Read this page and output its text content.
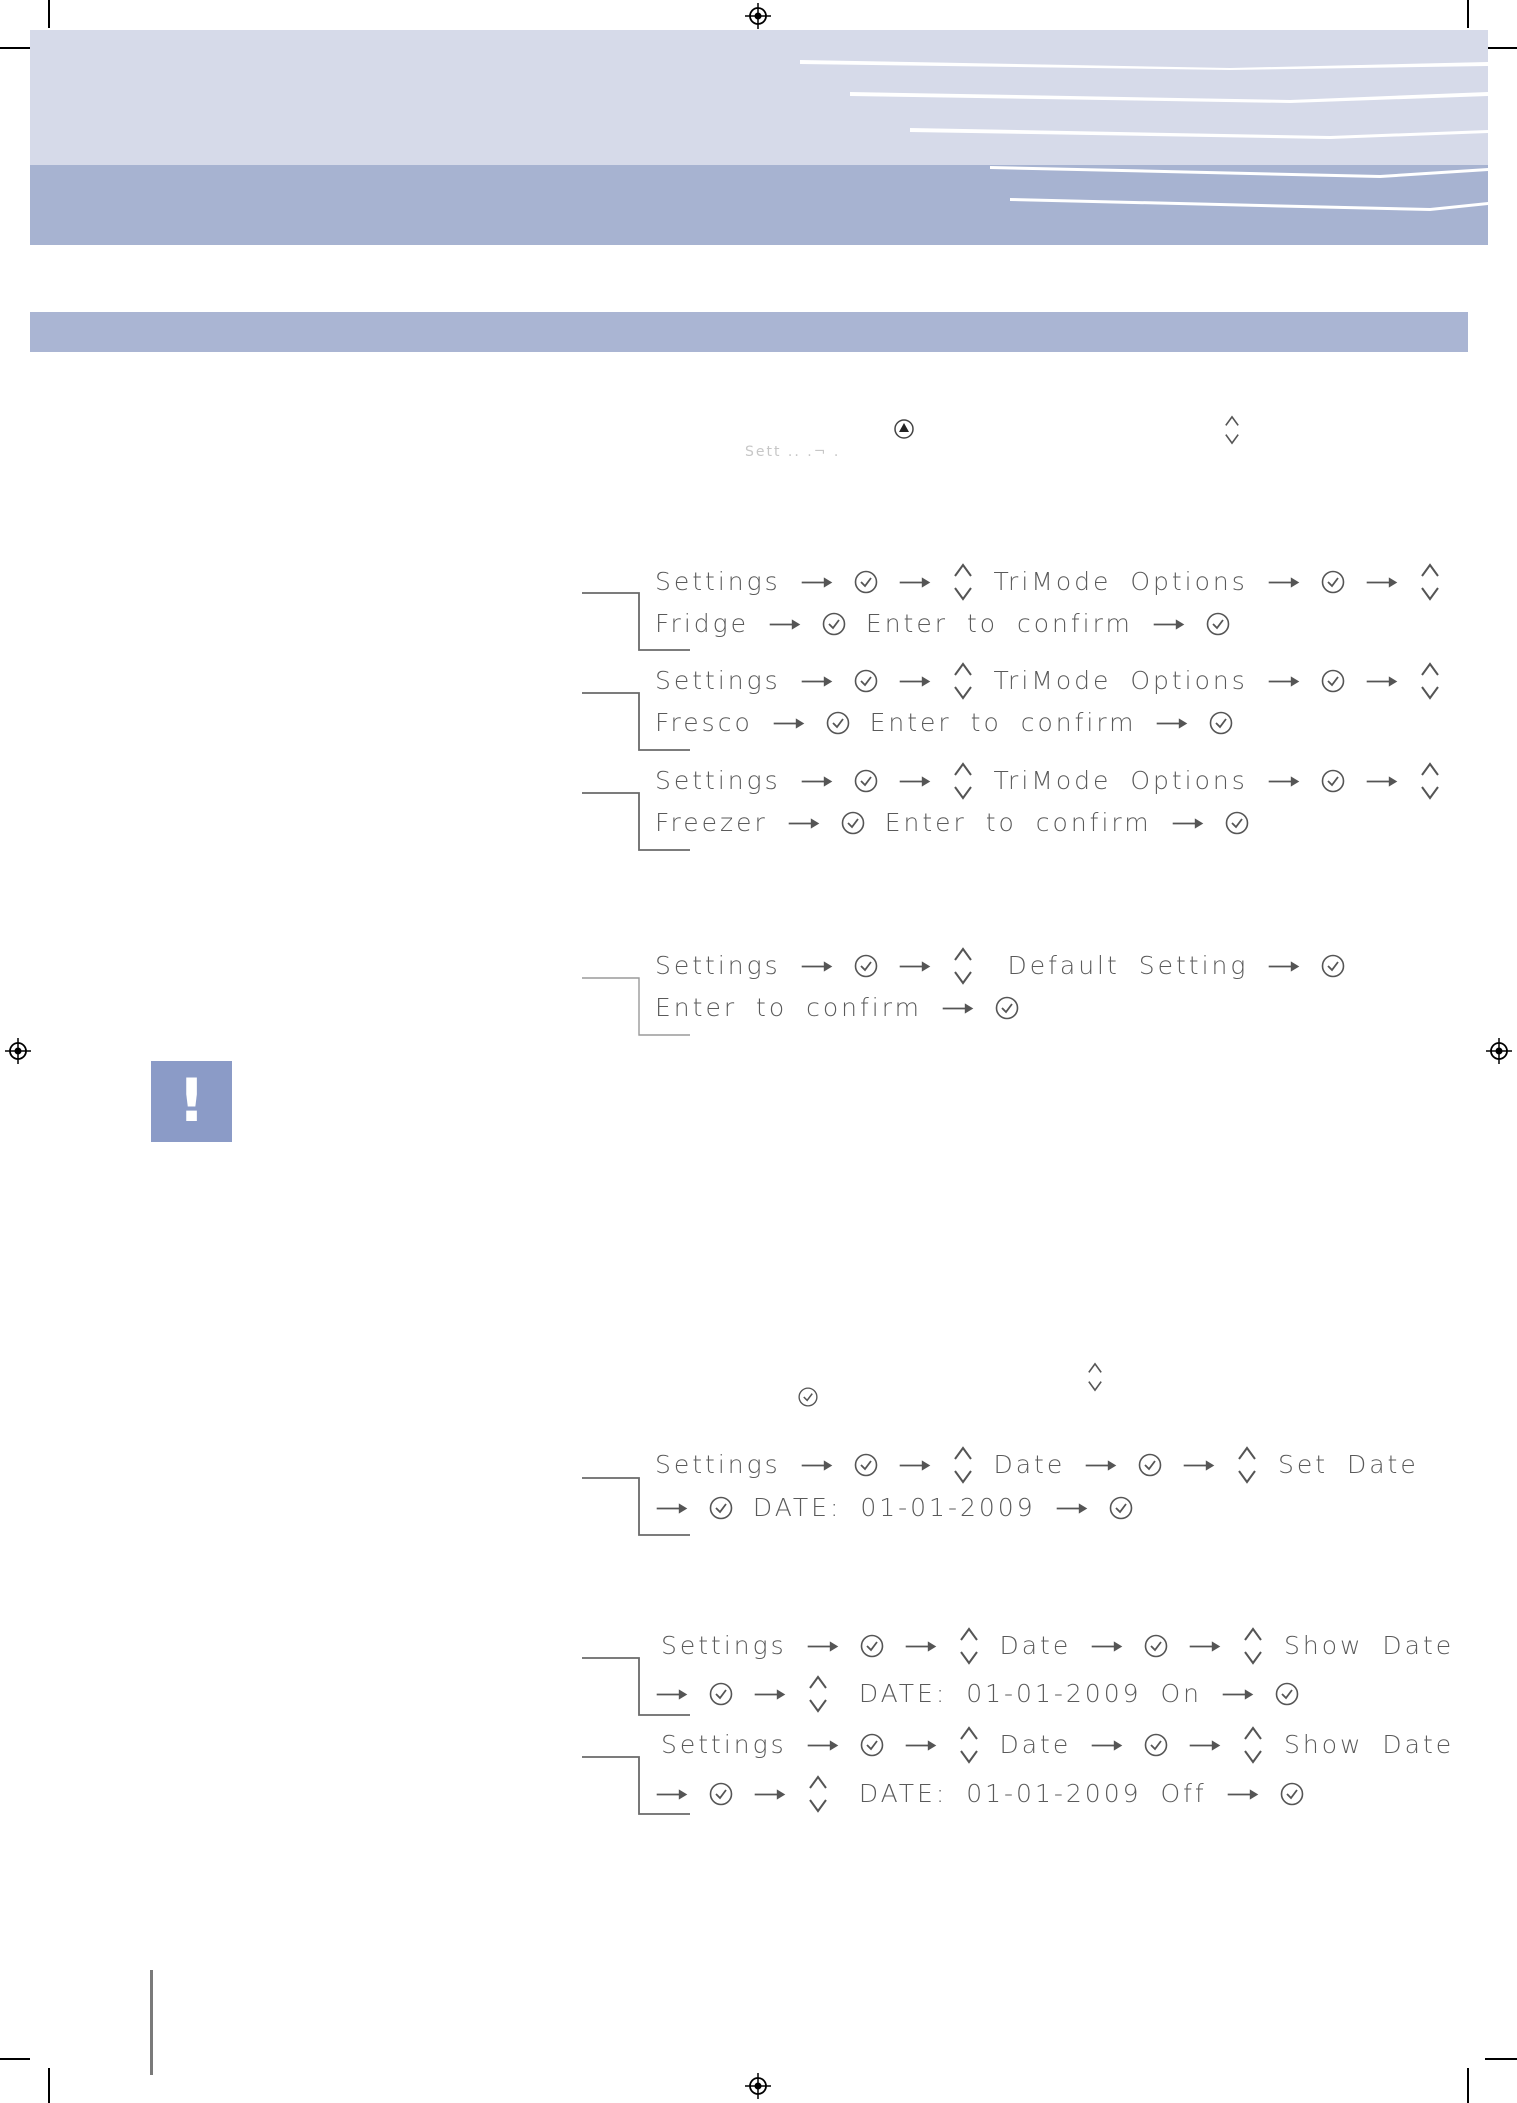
Sett .. .¬ .
Settings	TriMode Options
Fridge	Enter to confirm
Settings	TriMode Options
Fresco	Enter to confirm
Settings	TriMode Options
Freezer	Enter to confirm
Settings	Default Setting
Enter to confirm
!
Settings	Date	Set Date
DATE: 01-01-2009
Settings	Date	Show Date
DATE: 01-01-2009 On
Settings	Date	Show Date
DATE: 01-01-2009 Off
